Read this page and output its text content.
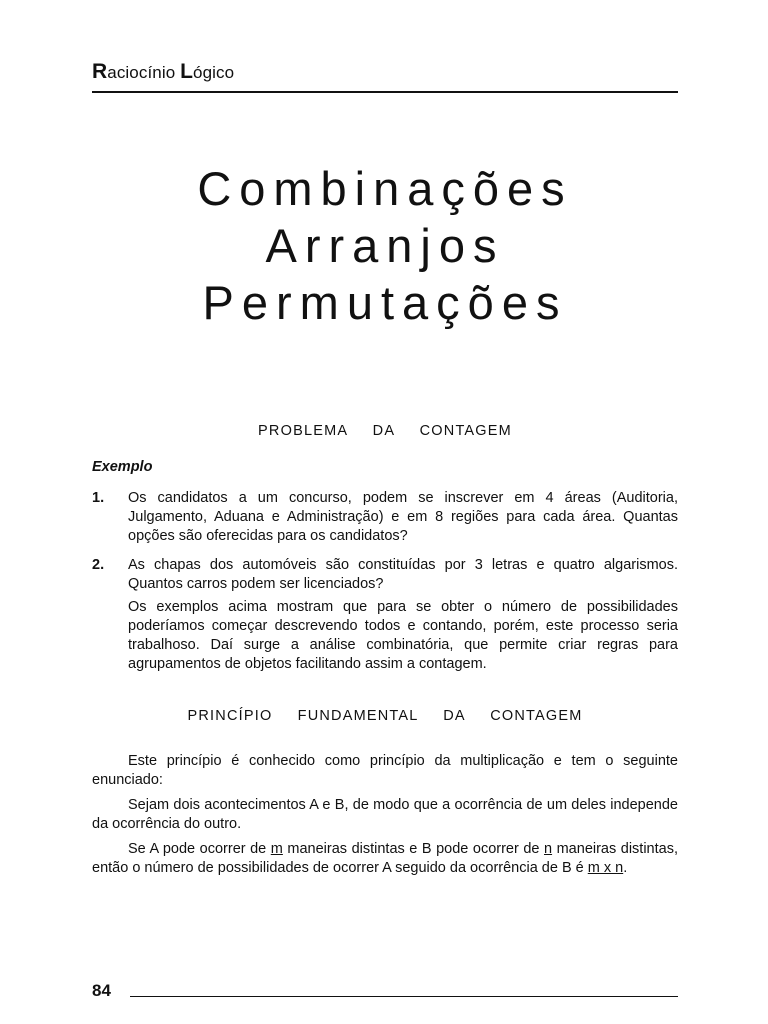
Raciocínio Lógico
Combinações
Arranjos
Permutações
PROBLEMA DA CONTAGEM
Exemplo
1. Os candidatos a um concurso, podem se inscrever em 4 áreas (Auditoria, Julgamento, Aduana e Administração) e em 8 regiões para cada área. Quantas opções são oferecidas para os candidatos?

2. As chapas dos automóveis são constituídas por 3 letras e quatro algarismos. Quantos carros podem ser licenciados?

Os exemplos acima mostram que para se obter o número de possibilidades poderíamos começar descrevendo todos e contando, porém, este processo seria trabalhoso. Daí surge a análise combinatória, que permite criar regras para agrupamentos de objetos facilitando assim a contagem.

PRINCÍPIO FUNDAMENTAL DA CONTAGEM
Este princípio é conhecido como princípio da multiplicação e tem o seguinte enunciado:
Sejam dois acontecimentos A e B, de modo que a ocorrência de um deles independe da ocorrência do outro.
Se A pode ocorrer de m maneiras distintas e B pode ocorrer de n maneiras distintas, então o número de possibilidades de ocorrer A seguido da ocorrência de B é m x n.
84
